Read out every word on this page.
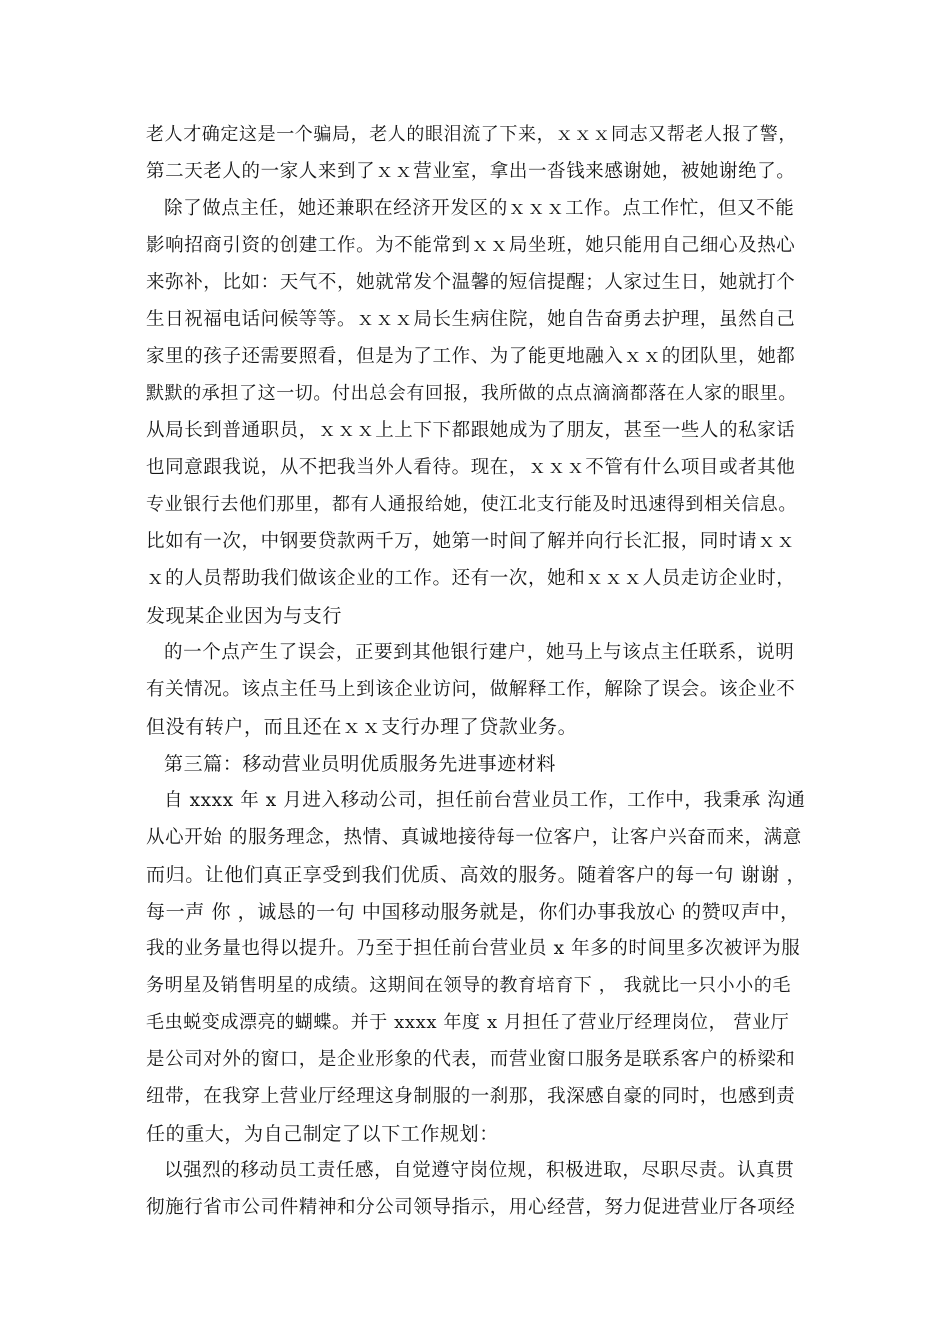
老人才确定这是一个骗局，老人的眼泪流了下来，ｘｘｘ同志又帮老人报了警，
第二天老人的一家人来到了ｘｘ营业室，拿出一沓钱来感谢她，被她谢绝了。
除了做点主任，她还兼职在经济开发区的ｘｘｘ工作。点工作忙，但又不能
影响招商引资的创建工作。为不能常到ｘｘ局坐班，她只能用自己细心及热心
来弥补，比如：天气不，她就常发个温馨的短信提醒；人家过生日，她就打个
生日祝福电话问候等等。ｘｘｘ局长生病住院，她自告奋勇去护理，虽然自己
家里的孩子还需要照看，但是为了工作、为了能更地融入ｘｘ的团队里，她都
默默的承担了这一切。付出总会有回报，我所做的点点滴滴都落在人家的眼里。
从局长到普通职员，ｘｘｘ上上下下都跟她成为了朋友，甚至一些人的私家话
也同意跟我说，从不把我当外人看待。现在，ｘｘｘ不管有什么项目或者其他
专业银行去他们那里，都有人通报给她，使江北支行能及时迅速得到相关信息。
比如有一次，中钢要贷款两千万，她第一时间了解并向行长汇报，同时请ｘｘ
ｘ的人员帮助我们做该企业的工作。还有一次，她和ｘｘｘ人员走访企业时，
发现某企业因为与支行
的一个点产生了误会，正要到其他银行建户，她马上与该点主任联系，说明
有关情况。该点主任马上到该企业访问，做解释工作，解除了误会。该企业不
但没有转户，而且还在ｘｘ支行办理了贷款业务。
第三篇：移动营业员明优质服务先进事迹材料
自 xxxx 年 x 月进入移动公司，担任前台营业员工作，工作中，我秉承 沟通
从心开始 的服务理念，热情、真诚地接待每一位客户，让客户兴奋而来，满意
而归。让他们真正享受到我们优质、高效的服务。随着客户的每一句 谢谢 ，
每一声 你 ，诚恳的一句 中国移动服务就是，你们办事我放心 的赞叹声中，
我的业务量也得以提升。乃至于担任前台营业员 x 年多的时间里多次被评为服
务明星及销售明星的成绩。这期间在领导的教育培育下 ， 我就比一只小小的毛
毛虫蜕变成漂亮的蝴蝶。并于 xxxx 年度 x 月担任了营业厅经理岗位， 营业厅
是公司对外的窗口，是企业形象的代表，而营业窗口服务是联系客户的桥梁和
纽带，在我穿上营业厅经理这身制服的一刹那，我深感自豪的同时，也感到责
任的重大，为自己制定了以下工作规划：
以强烈的移动员工责任感，自觉遵守岗位规，积极进取，尽职尽责。认真贯
彻施行省市公司件精神和分公司领导指示，用心经营，努力促进营业厅各项经
